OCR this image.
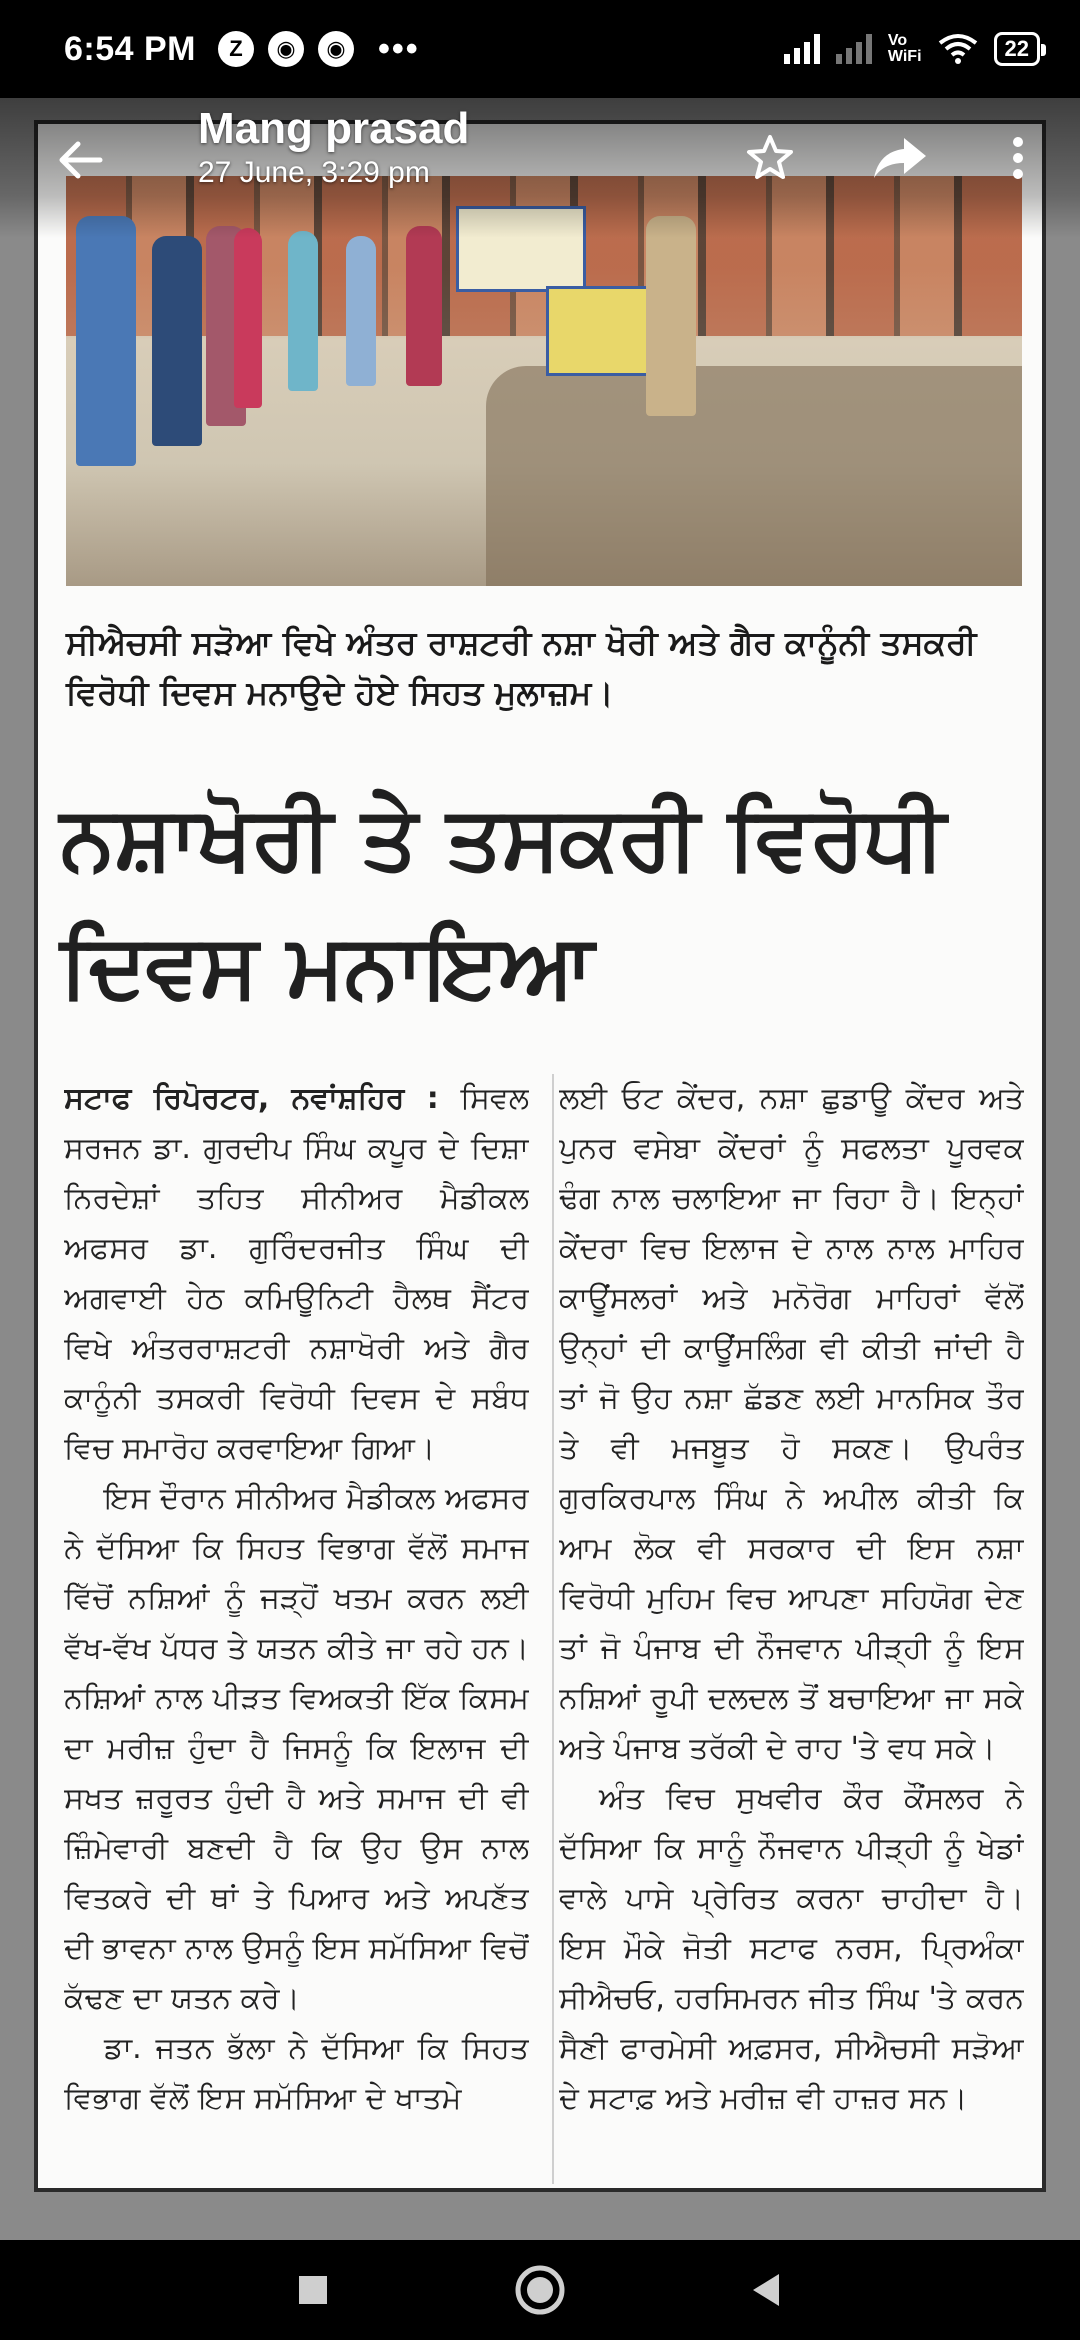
6:54 PM	Z	◉	◉ •••	Vo
WiFi	22
ਸੀਐਚਸੀ ਸੜੋਆ ਵਿਖੇ ਅੰਤਰ ਰਾਸ਼ਟਰੀ ਨਸ਼ਾ ਖੋਰੀ ਅਤੇ ਗੈਰ ਕਾਨੂੰਨੀ ਤਸਕਰੀ ਵਿਰੋਧੀ ਦਿਵਸ ਮਨਾਉਦੇ ਹੋਏ ਸਿਹਤ ਮੁਲਾਜ਼ਮ।
ਨਸ਼ਾਖੋਰੀ ਤੇ ਤਸਕਰੀ ਵਿਰੋਧੀ ਦਿਵਸ ਮਨਾਇਆ

ਸਟਾਫ ਰਿਪੋਰਟਰ, ਨਵਾਂਸ਼ਹਿਰ : ਸਿਵਲ ਸਰਜਨ ਡਾ. ਗੁਰਦੀਪ ਸਿੰਘ ਕਪੂਰ ਦੇ ਦਿਸ਼ਾ ਨਿਰਦੇਸ਼ਾਂ ਤਹਿਤ ਸੀਨੀਅਰ ਮੈਡੀਕਲ ਅਫਸਰ ਡਾ. ਗੁਰਿੰਦਰਜੀਤ ਸਿੰਘ ਦੀ ਅਗਵਾਈ ਹੇਠ ਕਮਿਊਨਿਟੀ ਹੈਲਥ ਸੈਂਟਰ ਵਿਖੇ ਅੰਤਰਰਾਸ਼ਟਰੀ ਨਸ਼ਾਖੋਰੀ ਅਤੇ ਗੈਰ ਕਾਨੂੰਨੀ ਤਸਕਰੀ ਵਿਰੋਧੀ ਦਿਵਸ ਦੇ ਸਬੰਧ ਵਿਚ ਸਮਾਰੋਹ ਕਰਵਾਇਆ ਗਿਆ।

ਇਸ ਦੌਰਾਨ ਸੀਨੀਅਰ ਮੈਡੀਕਲ ਅਫਸਰ ਨੇ ਦੱਸਿਆ ਕਿ ਸਿਹਤ ਵਿਭਾਗ ਵੱਲੋਂ ਸਮਾਜ ਵਿੱਚੋਂ ਨਸ਼ਿਆਂ ਨੂੰ ਜੜ੍ਹੋਂ ਖਤਮ ਕਰਨ ਲਈ ਵੱਖ-ਵੱਖ ਪੱਧਰ ਤੇ ਯਤਨ ਕੀਤੇ ਜਾ ਰਹੇ ਹਨ। ਨਸ਼ਿਆਂ ਨਾਲ ਪੀੜਤ ਵਿਅਕਤੀ ਇੱਕ ਕਿਸਮ ਦਾ ਮਰੀਜ਼ ਹੁੰਦਾ ਹੈ ਜਿਸਨੂੰ ਕਿ ਇਲਾਜ ਦੀ ਸਖਤ ਜ਼ਰੂਰਤ ਹੁੰਦੀ ਹੈ ਅਤੇ ਸਮਾਜ ਦੀ ਵੀ ਜ਼ਿੰਮੇਵਾਰੀ ਬਣਦੀ ਹੈ ਕਿ ਉਹ ਉਸ ਨਾਲ ਵਿਤਕਰੇ ਦੀ ਥਾਂ ਤੇ ਪਿਆਰ ਅਤੇ ਅਪਣੱਤ ਦੀ ਭਾਵਨਾ ਨਾਲ ਉਸਨੂੰ ਇਸ ਸਮੱਸਿਆ ਵਿਚੋਂ ਕੱਢਣ ਦਾ ਯਤਨ ਕਰੇ।

ਡਾ. ਜਤਨ ਭੱਲਾ ਨੇ ਦੱਸਿਆ ਕਿ ਸਿਹਤ ਵਿਭਾਗ ਵੱਲੋਂ ਇਸ ਸਮੱਸਿਆ ਦੇ ਖਾਤਮੇ

ਲਈ ਓਟ ਕੇਂਦਰ, ਨਸ਼ਾ ਛੁਡਾਊ ਕੇਂਦਰ ਅਤੇ ਪੁਨਰ ਵਸੇਬਾ ਕੇਂਦਰਾਂ ਨੂੰ ਸਫਲਤਾ ਪੂਰਵਕ ਢੰਗ ਨਾਲ ਚਲਾਇਆ ਜਾ ਰਿਹਾ ਹੈ। ਇਨ੍ਹਾਂ ਕੇਂਦਰਾ ਵਿਚ ਇਲਾਜ ਦੇ ਨਾਲ ਨਾਲ ਮਾਹਿਰ ਕਾਊਂਸਲਰਾਂ ਅਤੇ ਮਨੋਰੋਗ ਮਾਹਿਰਾਂ ਵੱਲੋਂ ਉਨ੍ਹਾਂ ਦੀ ਕਾਊਂਸਲਿੰਗ ਵੀ ਕੀਤੀ ਜਾਂਦੀ ਹੈ ਤਾਂ ਜੋ ਉਹ ਨਸ਼ਾ ਛੱਡਣ ਲਈ ਮਾਨਸਿਕ ਤੌਰ ਤੇ ਵੀ ਮਜਬੂਤ ਹੋ ਸਕਣ। ਉਪਰੰਤ ਗੁਰਕਿਰਪਾਲ ਸਿੰਘ ਨੇ ਅਪੀਲ ਕੀਤੀ ਕਿ ਆਮ ਲੋਕ ਵੀ ਸਰਕਾਰ ਦੀ ਇਸ ਨਸ਼ਾ ਵਿਰੋਧੀ ਮੁਹਿਮ ਵਿਚ ਆਪਣਾ ਸਹਿਯੋਗ ਦੇਣ ਤਾਂ ਜੋ ਪੰਜਾਬ ਦੀ ਨੌਜਵਾਨ ਪੀੜ੍ਹੀ ਨੂੰ ਇਸ ਨਸ਼ਿਆਂ ਰੂਪੀ ਦਲਦਲ ਤੋਂ ਬਚਾਇਆ ਜਾ ਸਕੇ ਅਤੇ ਪੰਜਾਬ ਤਰੱਕੀ ਦੇ ਰਾਹ 'ਤੇ ਵਧ ਸਕੇ।

ਅੰਤ ਵਿਚ ਸੁਖਵੀਰ ਕੌਰ ਕੌਂਸਲਰ ਨੇ ਦੱਸਿਆ ਕਿ ਸਾਨੂੰ ਨੌਜਵਾਨ ਪੀੜ੍ਹੀ ਨੂੰ ਖੇਡਾਂ ਵਾਲੇ ਪਾਸੇ ਪ੍ਰੇਰਿਤ ਕਰਨਾ ਚਾਹੀਦਾ ਹੈ। ਇਸ ਮੌਕੇ ਜੋਤੀ ਸਟਾਫ ਨਰਸ, ਪ੍ਰਿਅੰਕਾ ਸੀਐਚਓ, ਹਰਸਿਮਰਨ ਜੀਤ ਸਿੰਘ 'ਤੇ ਕਰਨ ਸੈਣੀ ਫਾਰਮੇਸੀ ਅਫ਼ਸਰ, ਸੀਐਚਸੀ ਸੜੋਆ ਦੇ ਸਟਾਫ਼ ਅਤੇ ਮਰੀਜ਼ ਵੀ ਹਾਜ਼ਰ ਸਨ।

Mang prasad
27 June, 3:29 pm
